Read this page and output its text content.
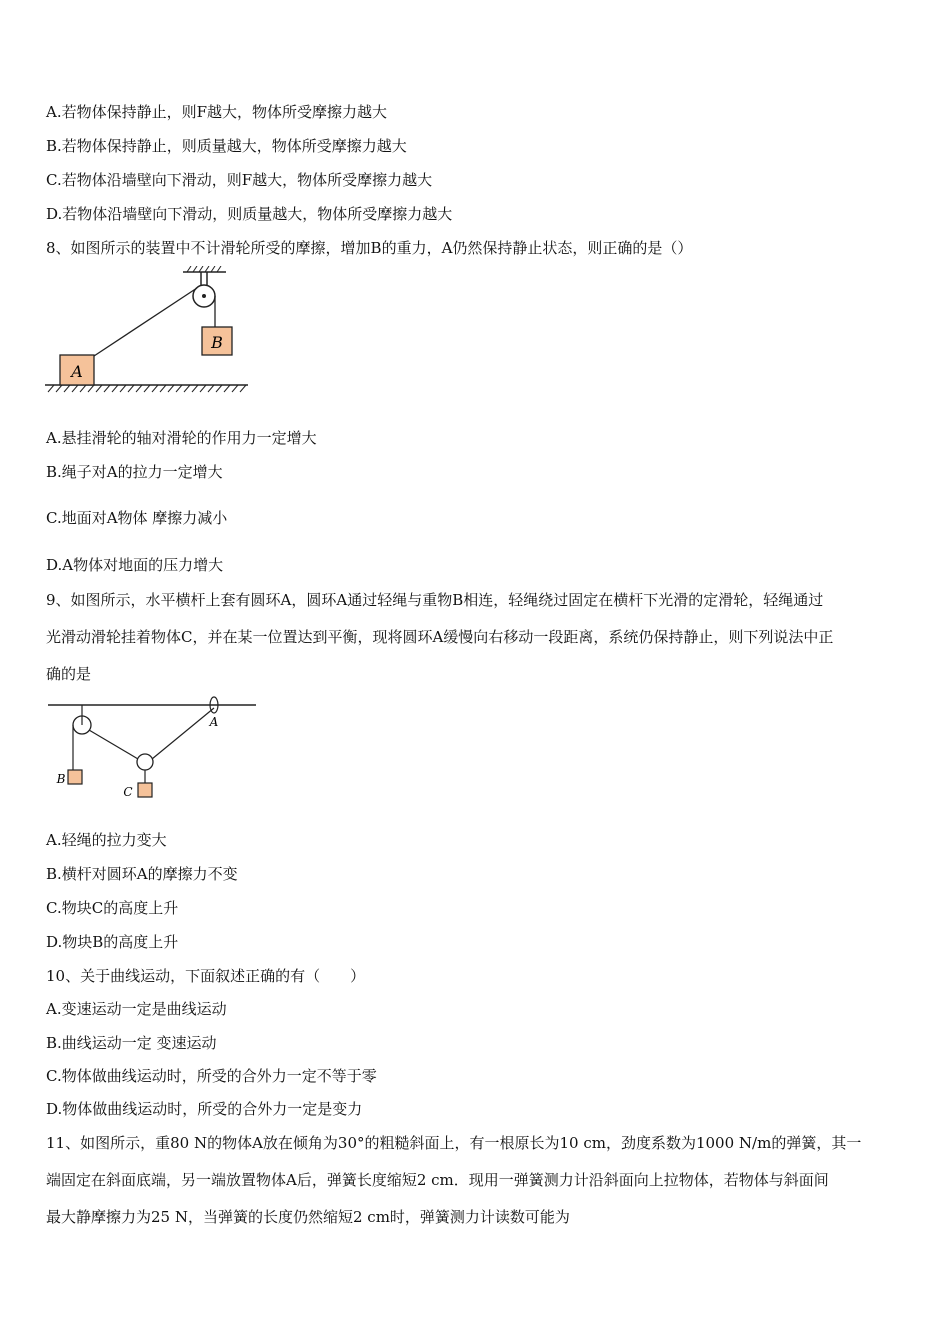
A.若物体保持静止，则F越大，物体所受摩擦力越大
B.若物体保持静止，则质量越大，物体所受摩擦力越大
C.若物体沿墙壁向下滑动，则F越大，物体所受摩擦力越大
D.若物体沿墙壁向下滑动，则质量越大，物体所受摩擦力越大
8、如图所示的装置中不计滑轮所受的摩擦，增加B的重力，A仍然保持静止状态，则正确的是（）
B
A
A.悬挂滑轮的轴对滑轮的作用力一定增大
B.绳子对A的拉力一定增大
C.地面对A物体 摩擦力减小
D.A物体对地面的压力增大
9、如图所示，水平横杆上套有圆环A，圆环A通过轻绳与重物B相连，轻绳绕过固定在横杆下光滑的定滑轮，轻绳通过
光滑动滑轮挂着物体C，并在某一位置达到平衡，现将圆环A缓慢向右移动一段距离，系统仍保持静止，则下列说法中正
确的是
A
B
C
A.轻绳的拉力变大
B.横杆对圆环A的摩擦力不变
C.物块C的高度上升
D.物块B的高度上升
10、关于曲线运动，下面叙述正确的有（　　）
A.变速运动一定是曲线运动
B.曲线运动一定 变速运动
C.物体做曲线运动时，所受的合外力一定不等于零
D.物体做曲线运动时，所受的合外力一定是变力
11、如图所示，重80 N的物体A放在倾角为30°的粗糙斜面上，有一根原长为10 cm，劲度系数为1000 N/m的弹簧，其一
端固定在斜面底端，另一端放置物体A后，弹簧长度缩短2 cm．现用一弹簧测力计沿斜面向上拉物体，若物体与斜面间
最大静摩擦力为25 N，当弹簧的长度仍然缩短2 cm时，弹簧测力计读数可能为
